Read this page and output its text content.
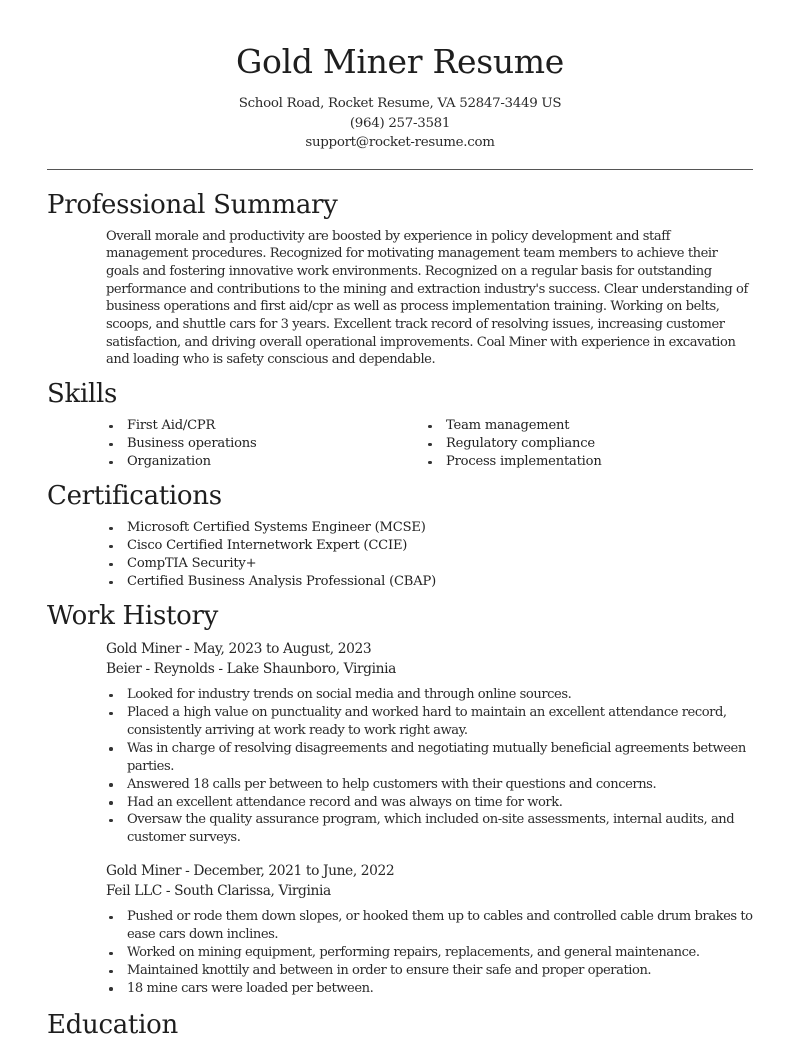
Gold Miner Resume
School Road, Rocket Resume, VA 52847-3449 US
(964) 257-3581
support@rocket-resume.com
Professional Summary

Overall morale and productivity are boosted by experience in policy development and staff management procedures. Recognized for motivating management team members to achieve their goals and fostering innovative work environments. Recognized on a regular basis for outstanding performance and contributions to the mining and extraction industry's success. Clear understanding of business operations and first aid/cpr as well as process implementation training. Working on belts, scoops, and shuttle cars for 3 years. Excellent track record of resolving issues, increasing customer satisfaction, and driving overall operational improvements. Coal Miner with experience in excavation and loading who is safety conscious and dependable.

Skills
First Aid/CPR
Business operations
Organization
Team management
Regulatory compliance
Process implementation
Certifications
Microsoft Certified Systems Engineer (MCSE)
Cisco Certified Internetwork Expert (CCIE)
CompTIA Security+
Certified Business Analysis Professional (CBAP)
Work History
Gold Miner - May, 2023 to August, 2023
Beier - Reynolds - Lake Shaunboro, Virginia
Looked for industry trends on social media and through online sources.
Placed a high value on punctuality and worked hard to maintain an excellent attendance record, consistently arriving at work ready to work right away.
Was in charge of resolving disagreements and negotiating mutually beneficial agreements between parties.
Answered 18 calls per between to help customers with their questions and concerns.
Had an excellent attendance record and was always on time for work.
Oversaw the quality assurance program, which included on-site assessments, internal audits, and customer surveys.
Gold Miner - December, 2021 to June, 2022
Feil LLC - South Clarissa, Virginia
Pushed or rode them down slopes, or hooked them up to cables and controlled cable drum brakes to ease cars down inclines.
Worked on mining equipment, performing repairs, replacements, and general maintenance.
Maintained knottily and between in order to ensure their safe and proper operation.
18 mine cars were loaded per between.
Education
